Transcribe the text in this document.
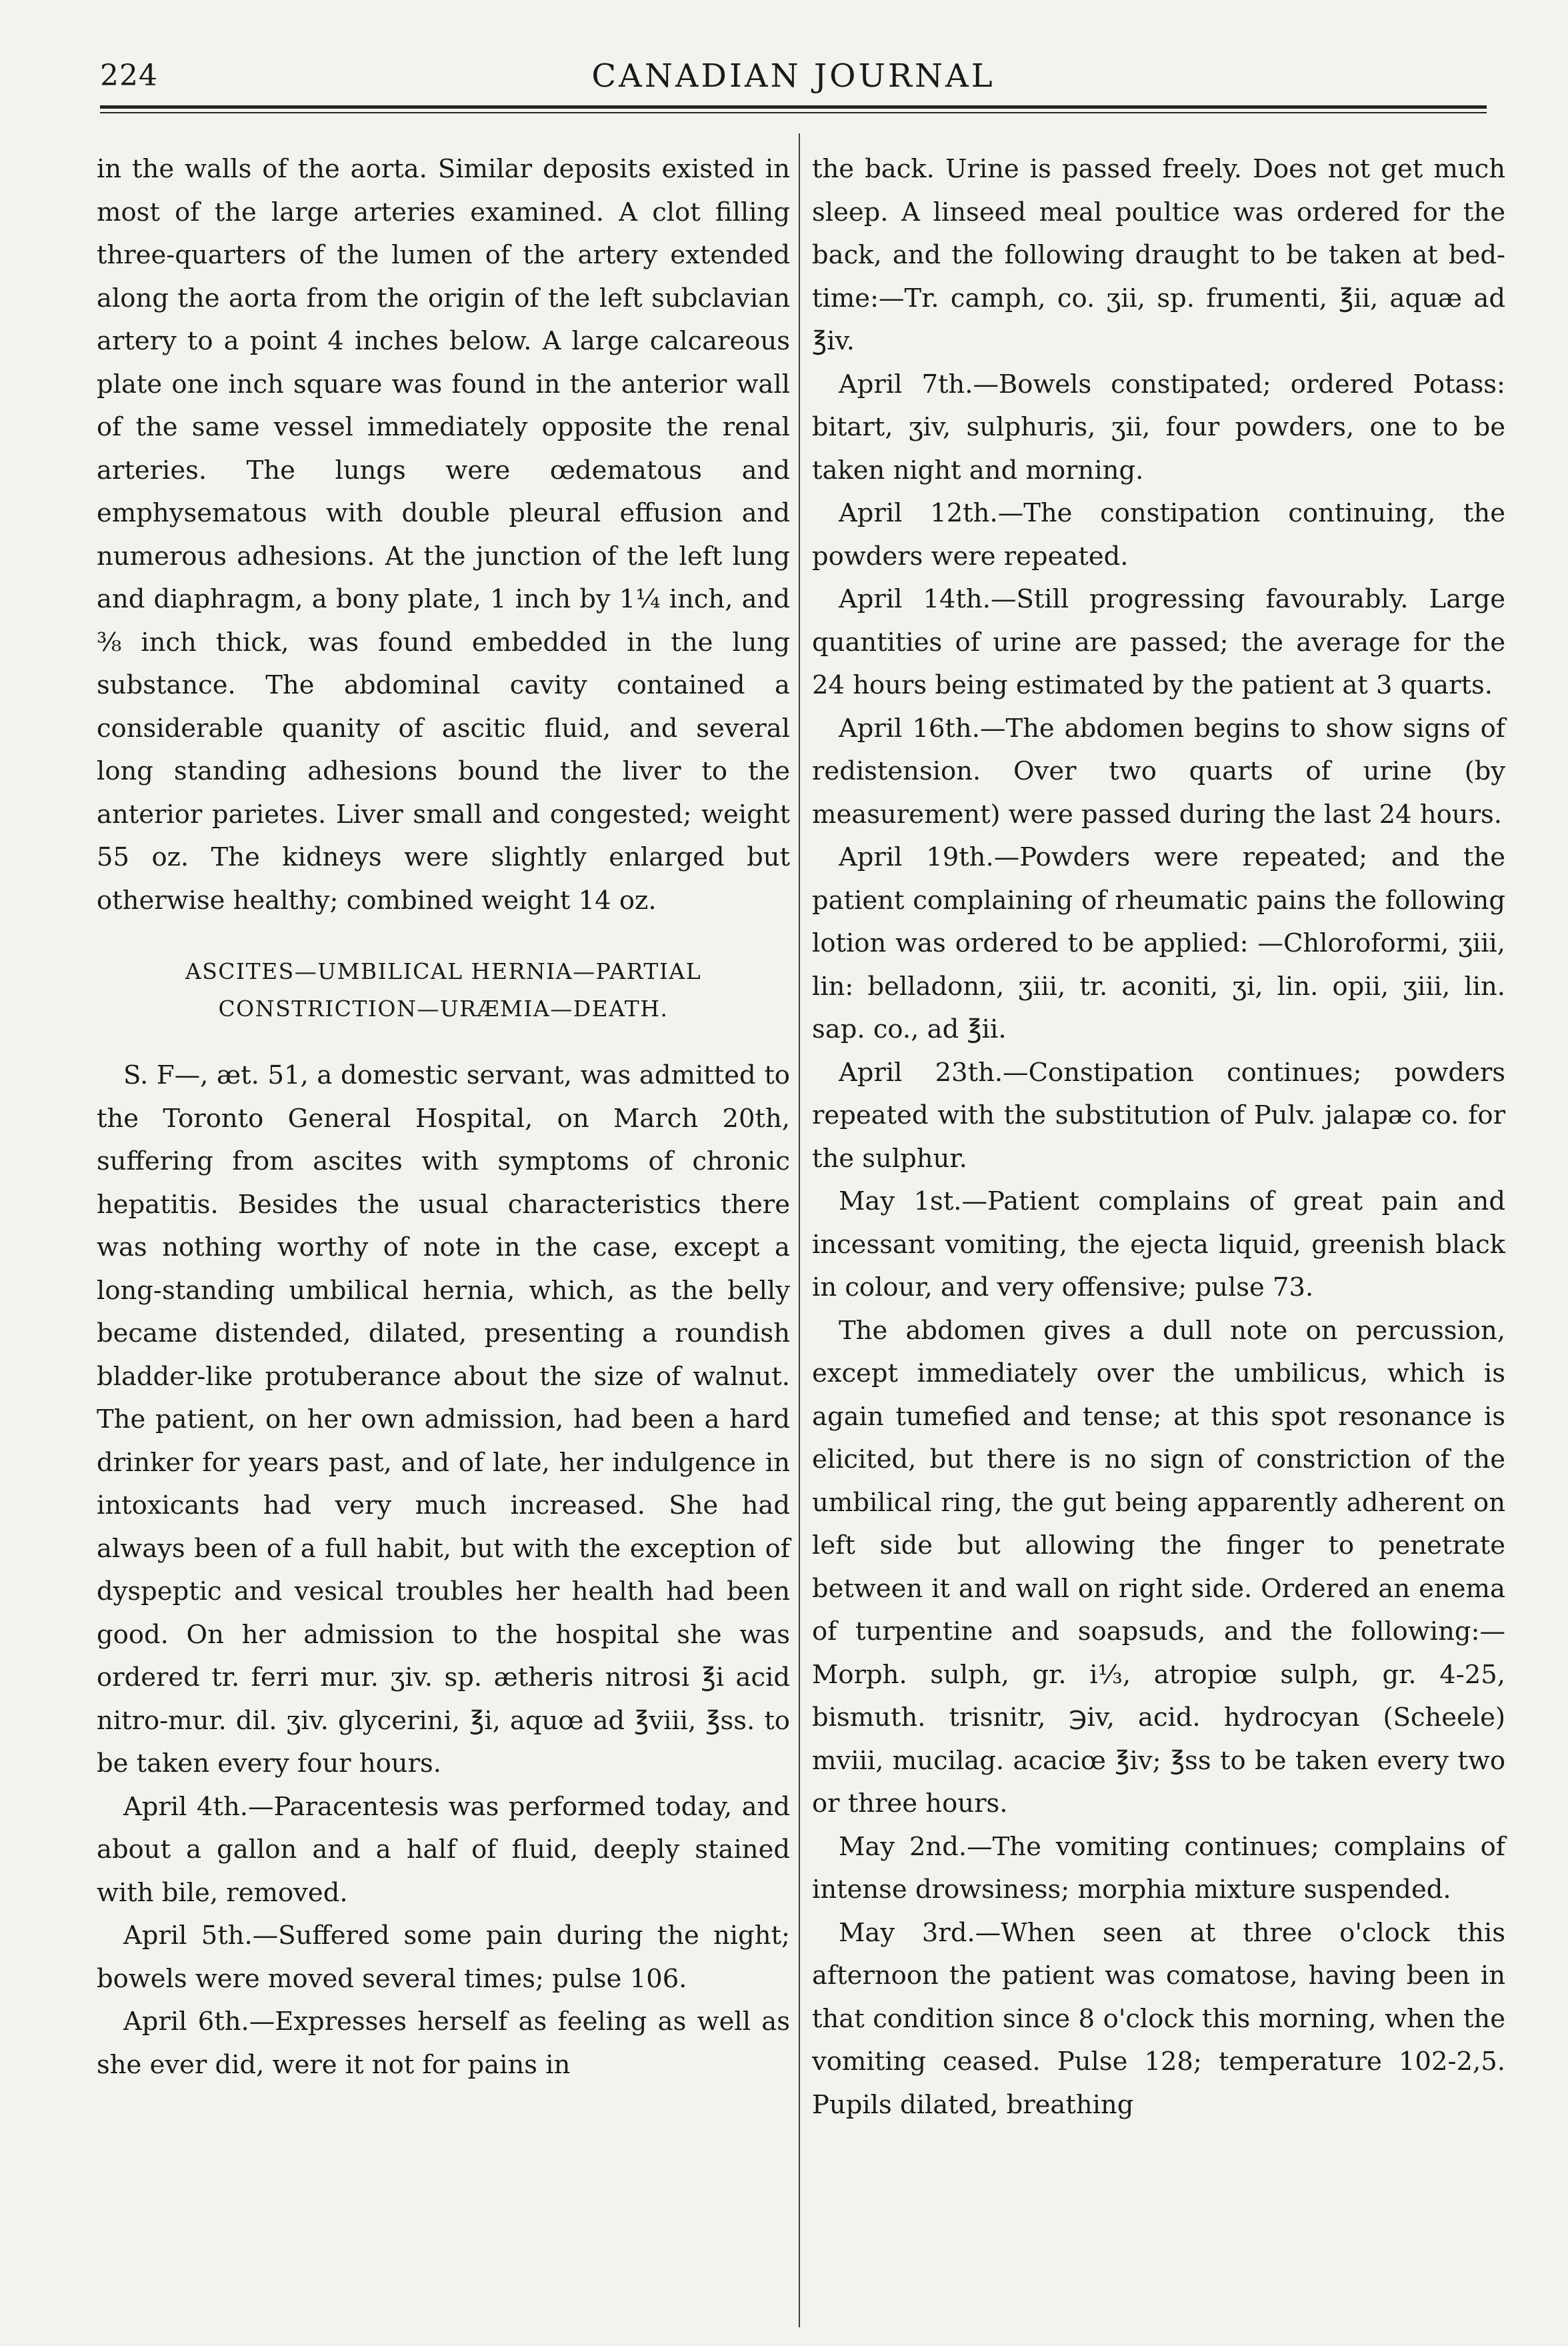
224	CANADIAN JOURNAL

in the walls of the aorta. Similar deposits existed in most of the large arteries examined. A clot filling three-quarters of the lumen of the artery extended along the aorta from the origin of the left subclavian artery to a point 4 inches below. A large calcareous plate one inch square was found in the anterior wall of the same vessel immediately opposite the renal arteries. The lungs were œdematous and emphysematous with double pleural effusion and numerous adhesions. At the junction of the left lung and diaphragm, a bony plate, 1 inch by 1¼ inch, and ⅜ inch thick, was found embedded in the lung substance. The abdominal cavity contained a considerable quanity of ascitic fluid, and several long standing adhesions bound the liver to the anterior parietes. Liver small and congested; weight 55 oz. The kidneys were slightly enlarged but otherwise healthy; combined weight 14 oz.

ASCITES—UMBILICAL HERNIA—PARTIAL
CONSTRICTION—URÆMIA—DEATH.

S. F—, æt. 51, a domestic servant, was admitted to the Toronto General Hospital, on March 20th, suffering from ascites with symptoms of chronic hepatitis. Besides the usual characteristics there was nothing worthy of note in the case, except a long-standing umbilical hernia, which, as the belly became distended, dilated, presenting a roundish bladder-like protuberance about the size of walnut. The patient, on her own admission, had been a hard drinker for years past, and of late, her indulgence in intoxicants had very much increased. She had always been of a full habit, but with the exception of dyspeptic and vesical troubles her health had been good. On her admission to the hospital she was ordered tr. ferri mur. ʒiv. sp. ætheris nitrosi ℥i acid nitro-mur. dil. ʒiv. glycerini, ℥i, aquœ ad ℥viii, ℥ss. to be taken every four hours.

April 4th.—Paracentesis was performed today, and about a gallon and a half of fluid, deeply stained with bile, removed.

April 5th.—Suffered some pain during the night; bowels were moved several times; pulse 106.

April 6th.—Expresses herself as feeling as well as she ever did, were it not for pains in

the back. Urine is passed freely. Does not get much sleep. A linseed meal poultice was ordered for the back, and the following draught to be taken at bed-time:—Tr. camph, co. ʒii, sp. frumenti, ℥ii, aquæ ad ℥iv.

April 7th.—Bowels constipated; ordered Potass: bitart, ʒiv, sulphuris, ʒii, four powders, one to be taken night and morning.

April 12th.—The constipation continuing, the powders were repeated.

April 14th.—Still progressing favourably. Large quantities of urine are passed; the average for the 24 hours being estimated by the patient at 3 quarts.

April 16th.—The abdomen begins to show signs of redistension. Over two quarts of urine (by measurement) were passed during the last 24 hours.

April 19th.—Powders were repeated; and the patient complaining of rheumatic pains the following lotion was ordered to be applied: —Chloroformi, ʒiii, lin: belladonn, ʒiii, tr. aconiti, ʒi, lin. opii, ʒiii, lin. sap. co., ad ℥ii.

April 23th.—Constipation continues; powders repeated with the substitution of Pulv. jalapæ co. for the sulphur.

May 1st.—Patient complains of great pain and incessant vomiting, the ejecta liquid, greenish black in colour, and very offensive; pulse 73.

The abdomen gives a dull note on percussion, except immediately over the umbilicus, which is again tumefied and tense; at this spot resonance is elicited, but there is no sign of constriction of the umbilical ring, the gut being apparently adherent on left side but allowing the finger to penetrate between it and wall on right side. Ordered an enema of turpentine and soapsuds, and the following:—Morph. sulph, gr. i⅓, atropiœ sulph, gr. 4-25, bismuth. trisnitr, ℈iv, acid. hydrocyan (Scheele) mviii, mucilag. acaciœ ℥iv; ℥ss to be taken every two or three hours.

May 2nd.—The vomiting continues; complains of intense drowsiness; morphia mixture suspended.

May 3rd.—When seen at three o'clock this afternoon the patient was comatose, having been in that condition since 8 o'clock this morning, when the vomiting ceased. Pulse 128; temperature 102-2,5. Pupils dilated, breathing
